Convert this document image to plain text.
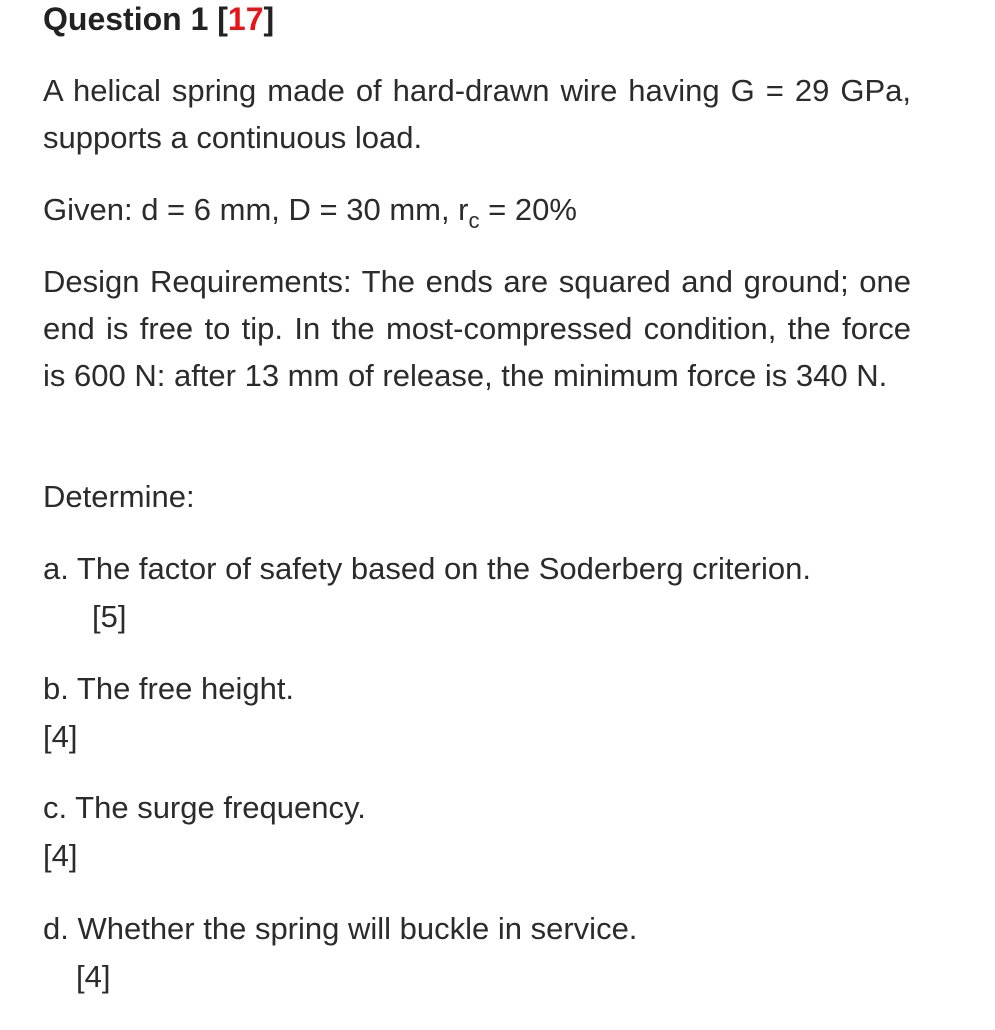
Question 1 [17]
A helical spring made of hard-drawn wire having G = 29 GPa, supports a continuous load.
Given: d = 6 mm, D = 30 mm, $r_c = 20\%$
Design Requirements: The ends are squared and ground; one end is free to tip. In the most-compressed condition, the force is 600 N: after 13 mm of release, the minimum force is 340 N.
Determine:
a. The factor of safety based on the Soderberg criterion.
[5]
b. The free height.
[4]
c. The surge frequency.
[4]
d. Whether the spring will buckle in service.
[4]
